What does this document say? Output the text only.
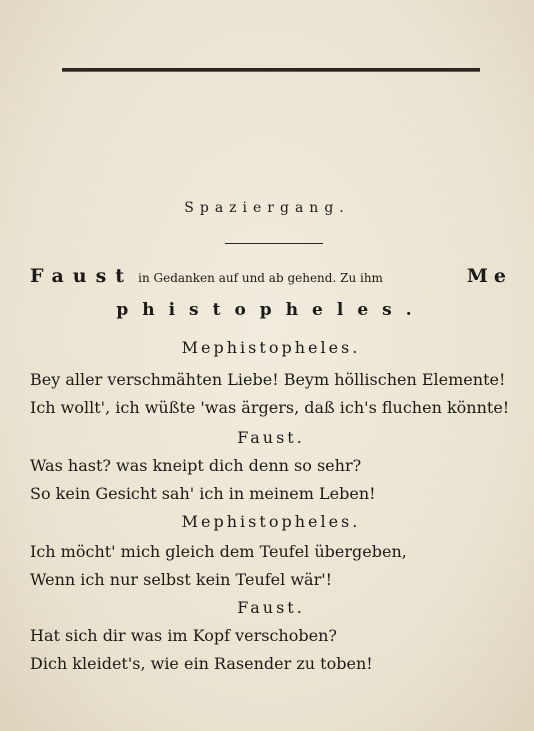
Spaziergang.
Faust in Gedanken auf und ab gehend. Zu ihm	Me
phistopheles.
Mephistopheles.
Bey aller verschmähten Liebe! Beym höllischen Elemente!
Ich wollt', ich wüßte 'was ärgers, daß ich's fluchen könnte!
Faust.
Was hast? was kneipt dich denn so sehr?
So kein Gesicht sah' ich in meinem Leben!
Mephistopheles.
Ich möcht' mich gleich dem Teufel übergeben,
Wenn ich nur selbst kein Teufel wär'!
Faust.
Hat sich dir was im Kopf verschoben?
Dich kleidet's, wie ein Rasender zu toben!
